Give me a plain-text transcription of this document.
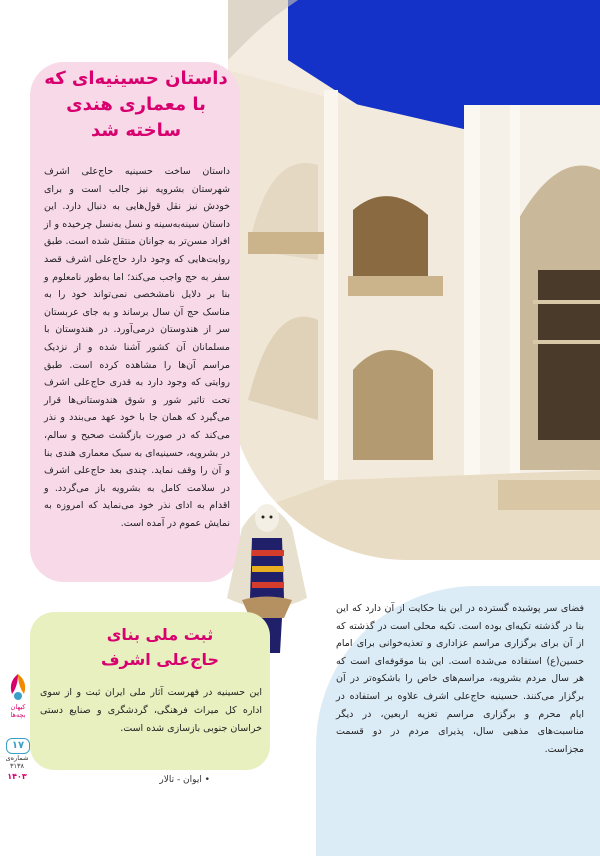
داستان حسینیه‌ای که
با معماری هندی
ساخته شد

داستان ساخت حسینیه حاج‌علی اشرف شهرستان بشرویه نیز جالب است و برای خودش نیز نقل قول‌هایی به دنبال دارد. این داستان سینه‌به‌سینه و نسل به‌نسل چرخیده و از افراد مسن‌تر به جوانان منتقل شده است. طبق روایت‌هایی که وجود دارد حاج‌علی اشرف قصد سفر به حج واجب می‌کند؛ اما به‌طور نامعلوم و بنا بر دلایل نامشخصی نمی‌تواند خود را به مناسک حج آن سال برساند و به جای عربستان سر از هندوستان درمی‌آورد. در هندوستان با مسلمانان آن کشور آشنا شده و از نزدیک مراسم آن‌ها را مشاهده کرده است. طبق روایتی که وجود دارد به قدری حاج‌علی اشرف تحت تاثیر شور و شوق هندوستانی‌ها قرار می‌گیرد که همان جا با خود عهد می‌بندد و نذر می‌کند که در صورت بازگشت صحیح و سالم، در بشرویه، حسینیه‌ای به سبک معماری هندی بنا و آن را وقف نماید. چندی بعد حاج‌علی اشرف در سلامت کامل به بشرویه باز می‌گردد. و اقدام به ادای نذر خود می‌نماید که امروزه به نمایش عموم در آمده است.

فضای سر پوشیده گسترده در این بنا حکایت از آن دارد که این بنا در گذشته تکیه‌ای بوده است. تکیه محلی است در گذشته که از آن برای برگزاری مراسم عزاداری و تعذیه‌خوانی برای امام حسین(ع) استفاده می‌شده است. این بنا موقوفه‌ای است که هر سال مردم بشرویه، مراسم‌های خاص را باشکوه‌تر در آن برگزار می‌کنند. حسینیه حاج‌علی اشرف علاوه بر استفاده در ایام محرم و برگزاری مراسم تعزیه اربعین، در دیگر مناسبت‌های مذهبی سال، پذیرای مردم در دو قسمت مجزاست.

ثبت ملی بنای
حاج‌علی اشرف

این حسینیه در فهرست آثار ملی ایران ثبت و از سوی اداره کل میراث فرهنگی، گردشگری و صنایع دستی خراسان جنوبی بازسازی شده است.

• ایوان - تالار
کیهان بچه‌ها
۱۷
شماره‌ی
۳۱۳۸
۱۴۰۳
